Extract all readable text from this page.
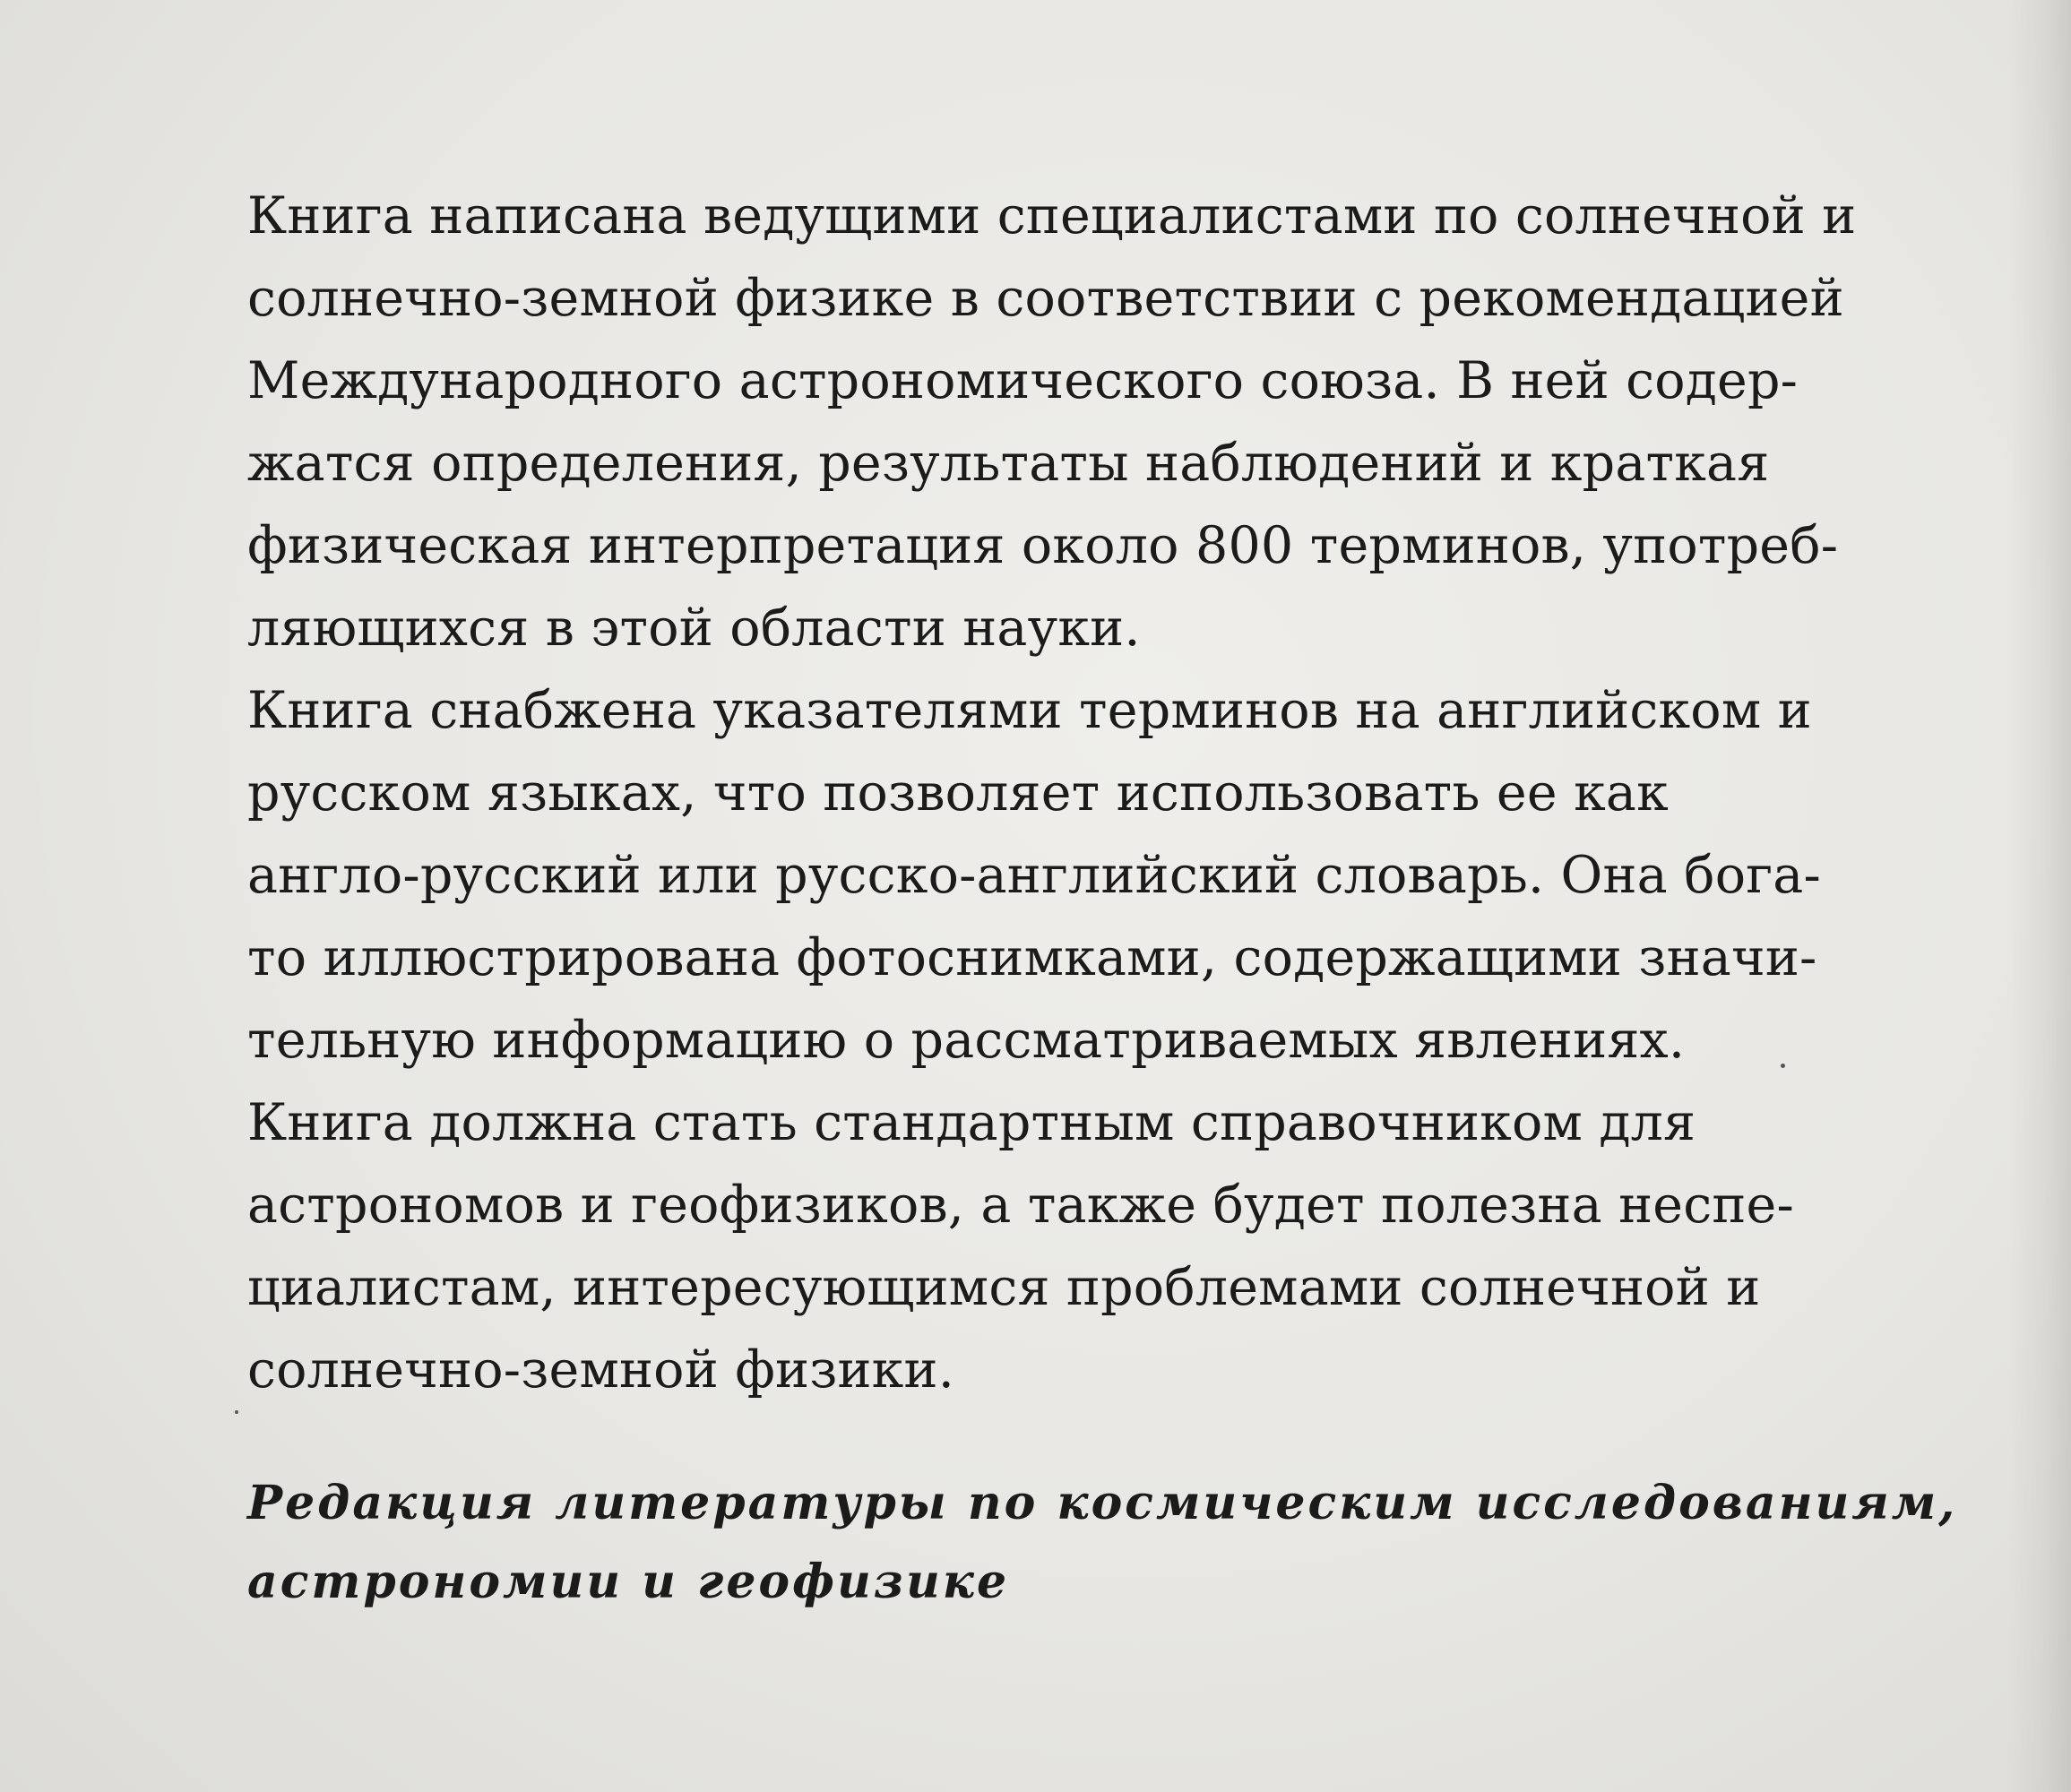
Книга написана ведущими специалистами по солнечной и
солнечно-земной физике в соответствии с рекомендацией
Международного астрономического союза. В ней содер-
жатся определения, результаты наблюдений и краткая
физическая интерпретация около 800 терминов, употреб-
ляющихся в этой области науки.
Книга снабжена указателями терминов на английском и
русском языках, что позволяет использовать ее как
англо-русский или русско-английский словарь. Она бога-
то иллюстрирована фотоснимками, содержащими значи-
тельную информацию о рассматриваемых явлениях.
Книга должна стать стандартным справочником для
астрономов и геофизиков, а также будет полезна неспе-
циалистам, интересующимся проблемами солнечной и
солнечно-земной физики.
Редакция литературы по космическим исследованиям,
астрономии и геофизике
